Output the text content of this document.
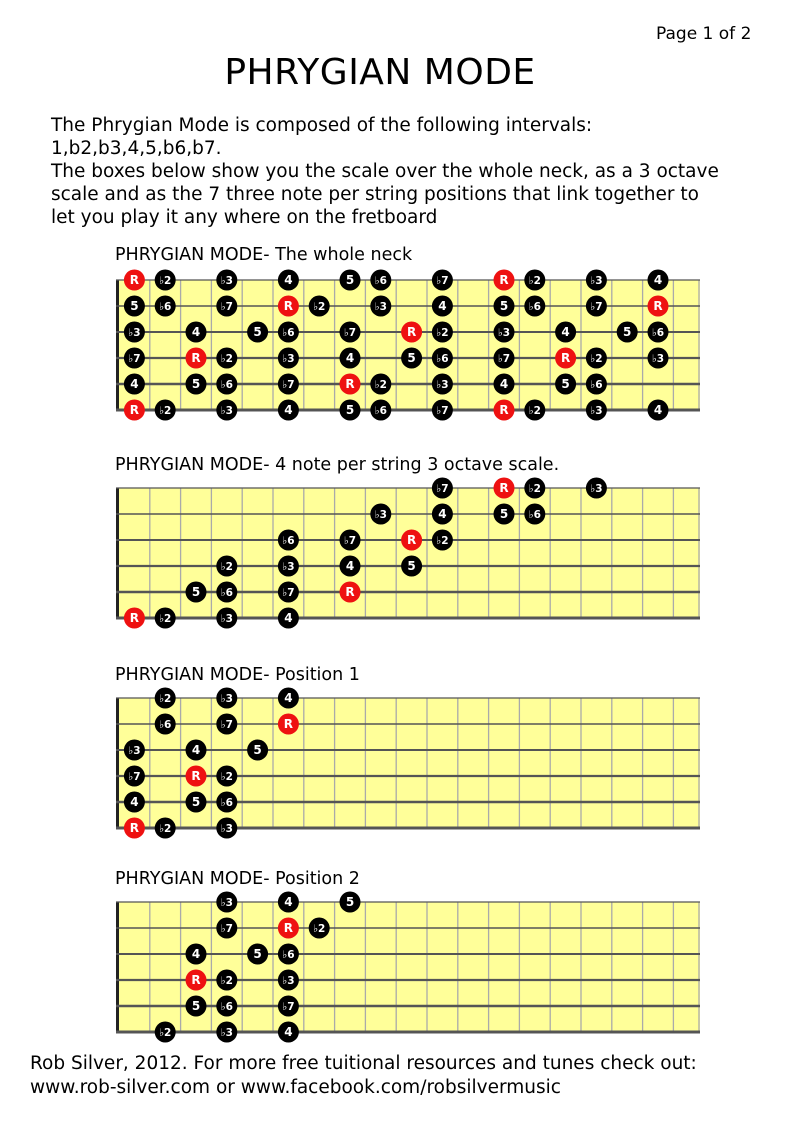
Page 1 of 2
PHRYGIAN MODE
The Phrygian Mode is composed of the following intervals:
1,b2,b3,4,5,b6,b7.
The boxes below show you the scale over the whole neck, as a 3 octave
scale and as the 7 three note per string positions that link together to
let you play it any where on the fretboard
PHRYGIAN MODE- The whole neck
R ♭2	♭3	4	5 ♭6	♭7	R ♭2	♭3	4
5 ♭6	♭7	R ♭2	♭3	4	5 ♭6	♭7	R
♭3	4	5 ♭6	♭7	R ♭2	♭3	4	5 ♭6
♭7	R ♭2	♭3	4	5 ♭6	♭7	R ♭2	♭3
4	5 ♭6	♭7	R ♭2	♭3	4	5 ♭6
R ♭2	♭3	4	5 ♭6	♭7	R ♭2	♭3	4
PHRYGIAN MODE- 4 note per string 3 octave scale.
♭7	R ♭2	♭3
♭3	4	5 ♭6
♭6	♭7	R ♭2
♭2	♭3	4	5
5 ♭6	♭7	R
R ♭2	♭3	4
PHRYGIAN MODE- Position 1
♭2	♭3	4
♭6	♭7	R
♭3	4	5
♭7	R ♭2
4	5 ♭6
R ♭2	♭3
PHRYGIAN MODE- Position 2
♭3	4	5
♭7	R ♭2
4	5 ♭6
R ♭2	♭3
5 ♭6	♭7
♭2	♭3	4
Rob Silver, 2012. For more free tuitional resources and tunes check out:
www.rob-silver.com or www.facebook.com/robsilvermusic
